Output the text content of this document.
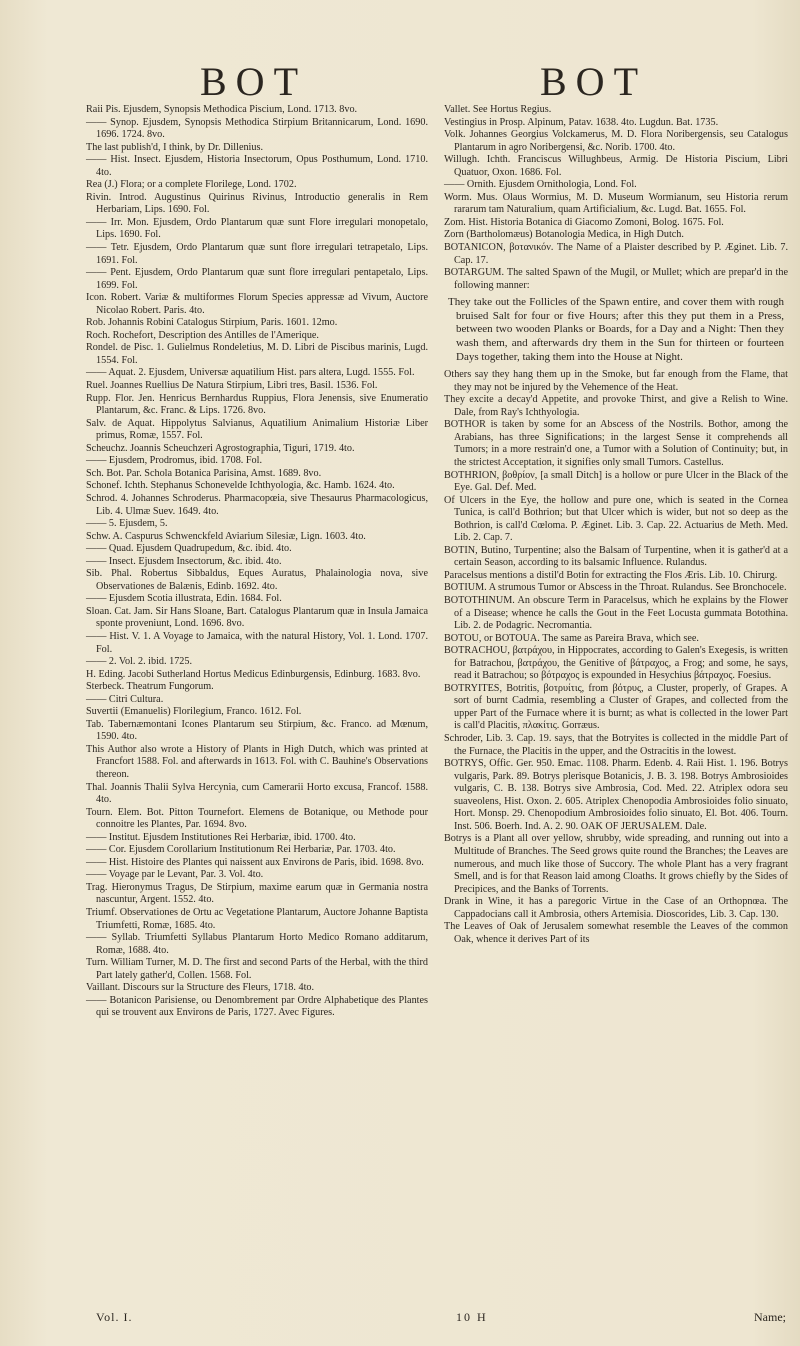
BOT	BOT

Raii Pis. Ejusdem, Synopsis Methodica Piscium, Lond. 1713. 8vo.

—— Synop. Ejusdem, Synopsis Methodica Stirpium Britannicarum, Lond. 1690. 1696. 1724. 8vo.

The last publish'd, I think, by Dr. Dillenius.

—— Hist. Insect. Ejusdem, Historia Insectorum, Opus Posthumum, Lond. 1710. 4to.

Rea (J.) Flora; or a complete Florilege, Lond. 1702.

Rivin. Introd. Augustinus Quirinus Rivinus, Introductio generalis in Rem Herbariam, Lips. 1690. Fol.

—— Irr. Mon. Ejusdem, Ordo Plantarum quæ sunt Flore irregulari monopetalo, Lips. 1690. Fol.

—— Tetr. Ejusdem, Ordo Plantarum quæ sunt flore irregulari tetrapetalo, Lips. 1691. Fol.

—— Pent. Ejusdem, Ordo Plantarum quæ sunt flore irregulari pentapetalo, Lips. 1699. Fol.

Icon. Robert. Variæ & multiformes Florum Species appressæ ad Vivum, Auctore Nicolao Robert. Paris. 4to.

Rob. Johannis Robini Catalogus Stirpium, Paris. 1601. 12mo.

Roch. Rochefort, Description des Antilles de l'Amerique.

Rondel. de Pisc. 1. Gulielmus Rondeletius, M. D. Libri de Piscibus marinis, Lugd. 1554. Fol.

—— Aquat. 2. Ejusdem, Universæ aquatilium Hist. pars altera, Lugd. 1555. Fol.

Ruel. Joannes Ruellius De Natura Stirpium, Libri tres, Basil. 1536. Fol.

Rupp. Flor. Jen. Henricus Bernhardus Ruppius, Flora Jenensis, sive Enumeratio Plantarum, &c. Franc. & Lips. 1726. 8vo.

Salv. de Aquat. Hippolytus Salvianus, Aquatilium Animalium Historiæ Liber primus, Romæ, 1557. Fol.

Scheuchz. Joannis Scheuchzeri Agrostographia, Tiguri, 1719. 4to.

—— Ejusdem, Prodromus, ibid. 1708. Fol.

Sch. Bot. Par. Schola Botanica Parisina, Amst. 1689. 8vo.

Schonef. Ichth. Stephanus Schonevelde Ichthyologia, &c. Hamb. 1624. 4to.

Schrod. 4. Johannes Schroderus. Pharmacopœia, sive Thesaurus Pharmacologicus, Lib. 4. Ulmæ Suev. 1649. 4to.

—— 5. Ejusdem, 5.

Schw. A. Caspurus Schwenckfeld Aviarium Silesiæ, Lign. 1603. 4to.

—— Quad. Ejusdem Quadrupedum, &c. ibid. 4to.

—— Insect. Ejusdem Insectorum, &c. ibid. 4to.

Sib. Phal. Robertus Sibbaldus, Eques Auratus, Phalainologia nova, sive Observationes de Balænis, Edinb. 1692. 4to.

—— Ejusdem Scotia illustrata, Edin. 1684. Fol.

Sloan. Cat. Jam. Sir Hans Sloane, Bart. Catalogus Plantarum quæ in Insula Jamaica sponte proveniunt, Lond. 1696. 8vo.

—— Hist. V. 1. A Voyage to Jamaica, with the natural History, Vol. 1. Lond. 1707. Fol.

—— 2. Vol. 2. ibid. 1725.

H. Eding. Jacobi Sutherland Hortus Medicus Edinburgensis, Edinburg. 1683. 8vo.

Sterbeck. Theatrum Fungorum.

—— Citri Cultura.

Suvertii (Emanuelis) Florilegium, Franco. 1612. Fol.

Tab. Tabernæmontani Icones Plantarum seu Stirpium, &c. Franco. ad Mœnum, 1590. 4to.

This Author also wrote a History of Plants in High Dutch, which was printed at Francfort 1588. Fol. and afterwards in 1613. Fol. with C. Bauhine's Observations thereon.

Thal. Joannis Thalii Sylva Hercynia, cum Camerarii Horto excusa, Francof. 1588. 4to.

Tourn. Elem. Bot. Pitton Tournefort. Elemens de Botanique, ou Methode pour connoitre les Plantes, Par. 1694. 8vo.

—— Institut. Ejusdem Institutiones Rei Herbariæ, ibid. 1700. 4to.

—— Cor. Ejusdem Corollarium Institutionum Rei Herbariæ, Par. 1703. 4to.

—— Hist. Histoire des Plantes qui naissent aux Environs de Paris, ibid. 1698. 8vo.

—— Voyage par le Levant, Par. 3. Vol. 4to.

Trag. Hieronymus Tragus, De Stirpium, maxime earum quæ in Germania nostra nascuntur, Argent. 1552. 4to.

Triumf. Observationes de Ortu ac Vegetatione Plantarum, Auctore Johanne Baptista Triumfetti, Romæ, 1685. 4to.

—— Syllab. Triumfetti Syllabus Plantarum Horto Medico Romano additarum, Romæ, 1688. 4to.

Turn. William Turner, M. D. The first and second Parts of the Herbal, with the third Part lately gather'd, Collen. 1568. Fol.

Vaillant. Discours sur la Structure des Fleurs, 1718. 4to.

—— Botanicon Parisiense, ou Denombrement par Ordre Alphabetique des Plantes qui se trouvent aux Environs de Paris, 1727. Avec Figures.

Vallet. See Hortus Regius.

Vestingius in Prosp. Alpinum, Patav. 1638. 4to. Lugdun. Bat. 1735.

Volk. Johannes Georgius Volckamerus, M. D. Flora Noribergensis, seu Catalogus Plantarum in agro Noribergensi, &c. Norib. 1700. 4to.

Willugh. Ichth. Franciscus Willughbeus, Armig. De Historia Piscium, Libri Quatuor, Oxon. 1686. Fol.

—— Ornith. Ejusdem Ornithologia, Lond. Fol.

Worm. Mus. Olaus Wormius, M. D. Museum Wormianum, seu Historia rerum rararum tam Naturalium, quam Artificialium, &c. Lugd. Bat. 1655. Fol.

Zom. Hist. Historia Botanica di Giacomo Zomoni, Bolog. 1675. Fol.

Zorn (Bartholomæus) Botanologia Medica, in High Dutch.

BOTANICON, βοτανικόν. The Name of a Plaister described by P. Æginet. Lib. 7. Cap. 17.

BOTARGUM. The salted Spawn of the Mugil, or Mullet; which are prepar'd in the following manner:

They take out the Follicles of the Spawn entire, and cover them with rough bruised Salt for four or five Hours; after this they put them in a Press, between two wooden Planks or Boards, for a Day and a Night: Then they wash them, and afterwards dry them in the Sun for thirteen or fourteen Days together, taking them into the House at Night.

Others say they hang them up in the Smoke, but far enough from the Flame, that they may not be injured by the Vehemence of the Heat.

They excite a decay'd Appetite, and provoke Thirst, and give a Relish to Wine. Dale, from Ray's Ichthyologia.

BOTHOR is taken by some for an Abscess of the Nostrils. Bothor, among the Arabians, has three Significations; in the largest Sense it comprehends all Tumors; in a more restrain'd one, a Tumor with a Solution of Continuity; but, in the strictest Acceptation, it signifies only small Tumors. Castellus.

BOTHRION, βοθρίον, [a small Ditch] is a hollow or pure Ulcer in the Black of the Eye. Gal. Def. Med.

Of Ulcers in the Eye, the hollow and pure one, which is seated in the Cornea Tunica, is call'd Bothrion; but that Ulcer which is wider, but not so deep as the Bothrion, is call'd Cœloma. P. Æginet. Lib. 3. Cap. 22. Actuarius de Meth. Med. Lib. 2. Cap. 7.

BOTIN, Butino, Turpentine; also the Balsam of Turpentine, when it is gather'd at a certain Season, according to its balsamic Influence. Rulandus.

Paracelsus mentions a distil'd Botin for extracting the Flos Æris. Lib. 10. Chirurg.

BOTIUM. A strumous Tumor or Abscess in the Throat. Rulandus. See Bronchocele.

BOTOTHINUM. An obscure Term in Paracelsus, which he explains by the Flower of a Disease; whence he calls the Gout in the Feet Locusta gummata Botothina. Lib. 2. de Podagric. Necromantia.

BOTOU, or BOTOUA. The same as Pareira Brava, which see.

BOTRACHOU, βατράχου, in Hippocrates, according to Galen's Exegesis, is written for Batrachou, βατράχου, the Genitive of βάτραχος, a Frog; and some, he says, read it Batrachou; so βότραχος is expounded in Hesychius βάτραχος. Foesius.

BOTRYITES, Botritis, βοτρυίτις, from βότρυς, a Cluster, properly, of Grapes. A sort of burnt Cadmia, resembling a Cluster of Grapes, and collected from the upper Part of the Furnace where it is burnt; as what is collected in the lower Part is call'd Placitis, πλακίτις. Gorræus.

Schroder, Lib. 3. Cap. 19. says, that the Botryites is collected in the middle Part of the Furnace, the Placitis in the upper, and the Ostracitis in the lowest.

BOTRYS, Offic. Ger. 950. Emac. 1108. Pharm. Edenb. 4. Raii Hist. 1. 196. Botrys vulgaris, Park. 89. Botrys plerisque Botanicis, J. B. 3. 198. Botrys Ambrosioides vulgaris, C. B. 138. Botrys sive Ambrosia, Cod. Med. 22. Atriplex odora seu suaveolens, Hist. Oxon. 2. 605. Atriplex Chenopodia Ambrosioides folio sinuato, Hort. Monsp. 29. Chenopodium Ambrosioides folio sinuato, El. Bot. 406. Tourn. Inst. 506. Boerh. Ind. A. 2. 90. OAK OF JERUSALEM. Dale.

Botrys is a Plant all over yellow, shrubby, wide spreading, and running out into a Multitude of Branches. The Seed grows quite round the Branches; the Leaves are numerous, and much like those of Succory. The whole Plant has a very fragrant Smell, and is for that Reason laid among Cloaths. It grows chiefly by the Sides of Precipices, and the Banks of Torrents.

Drank in Wine, it has a paregoric Virtue in the Case of an Orthopnœa. The Cappadocians call it Ambrosia, others Artemisia. Dioscorides, Lib. 3. Cap. 130.

The Leaves of Oak of Jerusalem somewhat resemble the Leaves of the common Oak, whence it derives Part of its

Vol. I.	10 H	Name;
